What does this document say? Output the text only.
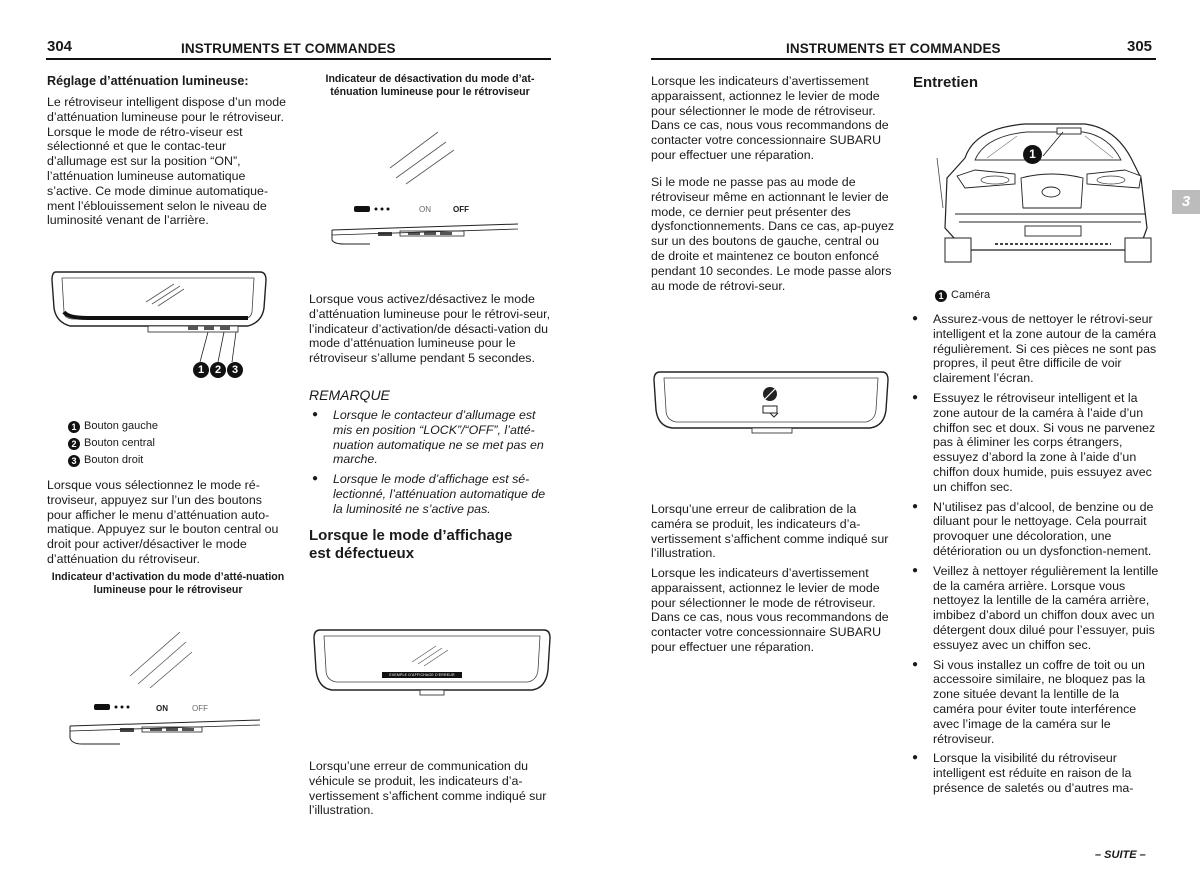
304	INSTRUMENTS ET COMMANDES	INSTRUMENTS ET COMMANDES	305
3
Réglage d’atténuation lumineuse:
Le rétroviseur intelligent dispose d’un mode d’atténuation lumineuse pour le rétroviseur. Lorsque le mode de rétro-viseur est sélectionné et que le contac-teur d’allumage est sur la position “ON”, l’atténuation lumineuse automatique s’active. Ce mode diminue automatique-ment l’éblouissement selon le niveau de luminosité venant de l’arrière.
1 2 3
1 Bouton gauche
2 Bouton central
3 Bouton droit
Lorsque vous sélectionnez le mode ré-troviseur, appuyez sur l’un des boutons pour afficher le menu d’atténuation auto-matique. Appuyez sur le bouton central ou droit pour activer/désactiver le mode d’atténuation du rétroviseur.
Indicateur d’activation du mode d’atté-nuation lumineuse pour le rétroviseur
ON	OFF
Indicateur de désactivation du mode d’at-ténuation lumineuse pour le rétroviseur
ON	OFF
Lorsque vous activez/désactivez le mode d’atténuation lumineuse pour le rétrovi-seur, l’indicateur d’activation/de désacti-vation du mode d’atténuation lumineuse pour le rétroviseur s’allume pendant 5 secondes.
REMARQUE
● Lorsque le contacteur d’allumage est mis en position “LOCK”/“OFF”, l’atté-nuation automatique ne se met pas en marche.
● Lorsque le mode d’affichage est sé-lectionné, l’atténuation automatique de la luminosité ne s’active pas.
Lorsque le mode d’affichage
est défectueux
EXEMPLE D’AFFICHAGE D’ERREUR
Lorsqu’une erreur de communication du véhicule se produit, les indicateurs d’a-vertissement s’affichent comme indiqué sur l’illustration.
Lorsque les indicateurs d’avertissement apparaissent, actionnez le levier de mode pour sélectionner le mode de rétroviseur. Dans ce cas, nous vous recommandons de contacter votre concessionnaire SUBARU pour effectuer une réparation.
Si le mode ne passe pas au mode de rétroviseur même en actionnant le levier de mode, ce dernier peut présenter des dysfonctionnements. Dans ce cas, ap-puyez sur un des boutons de gauche, central ou de droite et maintenez ce bouton enfoncé pendant 10 secondes. Le mode passe alors au mode de rétrovi-seur.
Lorsqu’une erreur de calibration de la caméra se produit, les indicateurs d’a-vertissement s’affichent comme indiqué sur l’illustration.
Lorsque les indicateurs d’avertissement apparaissent, actionnez le levier de mode pour sélectionner le mode de rétroviseur. Dans ce cas, nous vous recommandons de contacter votre concessionnaire SUBARU pour effectuer une réparation.
Entretien
1
1 Caméra
● Assurez-vous de nettoyer le rétrovi-seur intelligent et la zone autour de la caméra régulièrement. Si ces pièces ne sont pas propres, il peut être difficile de voir clairement l’écran.
● Essuyez le rétroviseur intelligent et la zone autour de la caméra à l’aide d’un chiffon sec et doux. Si vous ne parvenez pas à éliminer les corps étrangers, essuyez d’abord la zone à l’aide d’un chiffon doux humide, puis essuyez avec un chiffon sec.
● N’utilisez pas d’alcool, de benzine ou de diluant pour le nettoyage. Cela pourrait provoquer une décoloration, une détérioration ou un dysfonction-nement.
● Veillez à nettoyer régulièrement la lentille de la caméra arrière. Lorsque vous nettoyez la lentille de la caméra arrière, imbibez d’abord un chiffon doux avec un détergent doux dilué pour l’essuyer, puis essuyez avec un chiffon sec.
● Si vous installez un coffre de toit ou un accessoire similaire, ne bloquez pas la zone située devant la lentille de la caméra pour éviter toute interférence avec l’image de la caméra sur le rétroviseur.
● Lorsque la visibilité du rétroviseur intelligent est réduite en raison de la présence de saletés ou d’autres ma-
– SUITE –
